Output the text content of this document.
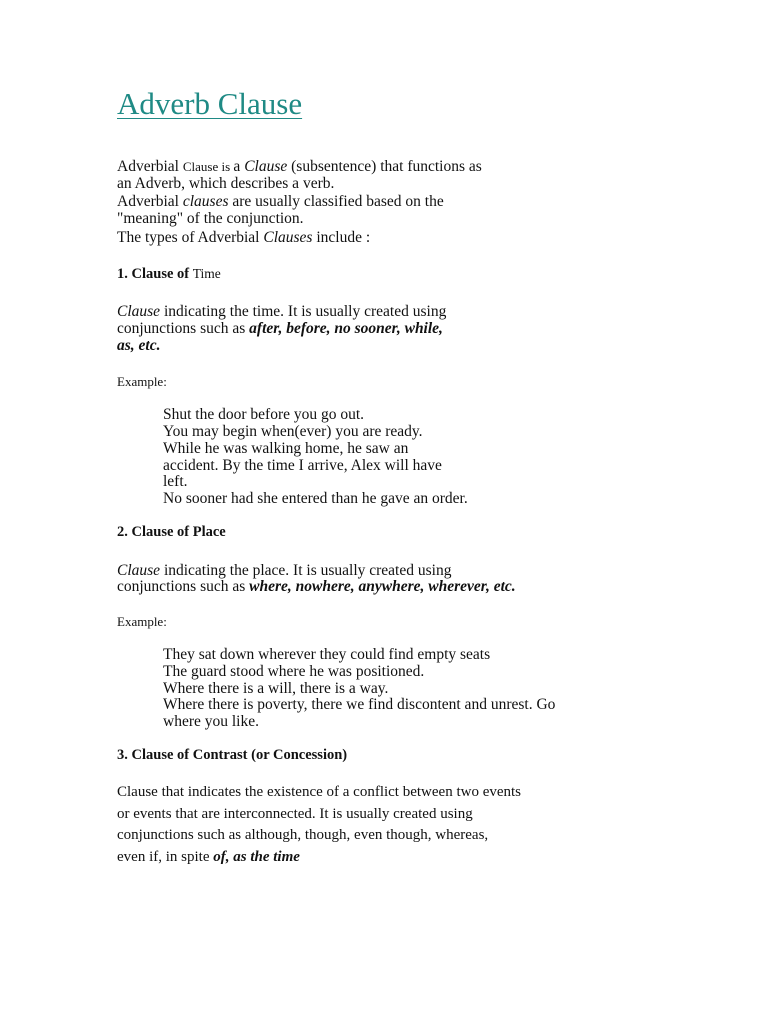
Adverb Clause
Adverbial Clause is a Clause (subsentence) that functions as
an Adverb, which describes a verb.
Adverbial clauses are usually classified based on the
"meaning" of the conjunction.
The types of Adverbial Clauses include :
1. Clause of Time
Clause indicating the time. It is usually created using
conjunctions such as after, before, no sooner, while,
as, etc.
Example:
Shut the door before you go out.
You may begin when(ever) you are ready.
While he was walking home, he saw an
accident. By the time I arrive, Alex will have
left.
No sooner had she entered than he gave an order.
2. Clause of Place
Clause indicating the place. It is usually created using
conjunctions such as where, nowhere, anywhere, wherever, etc.
Example:
They sat down wherever they could find empty seats
The guard stood where he was positioned.
Where there is a will, there is a way.
Where there is poverty, there we find discontent and unrest. Go
where you like.
3. Clause of Contrast (or Concession)
Clause that indicates the existence of a conflict between two events
or events that are interconnected. It is usually created using
conjunctions such as although, though, even though, whereas,
even if, in spite of, as the time
